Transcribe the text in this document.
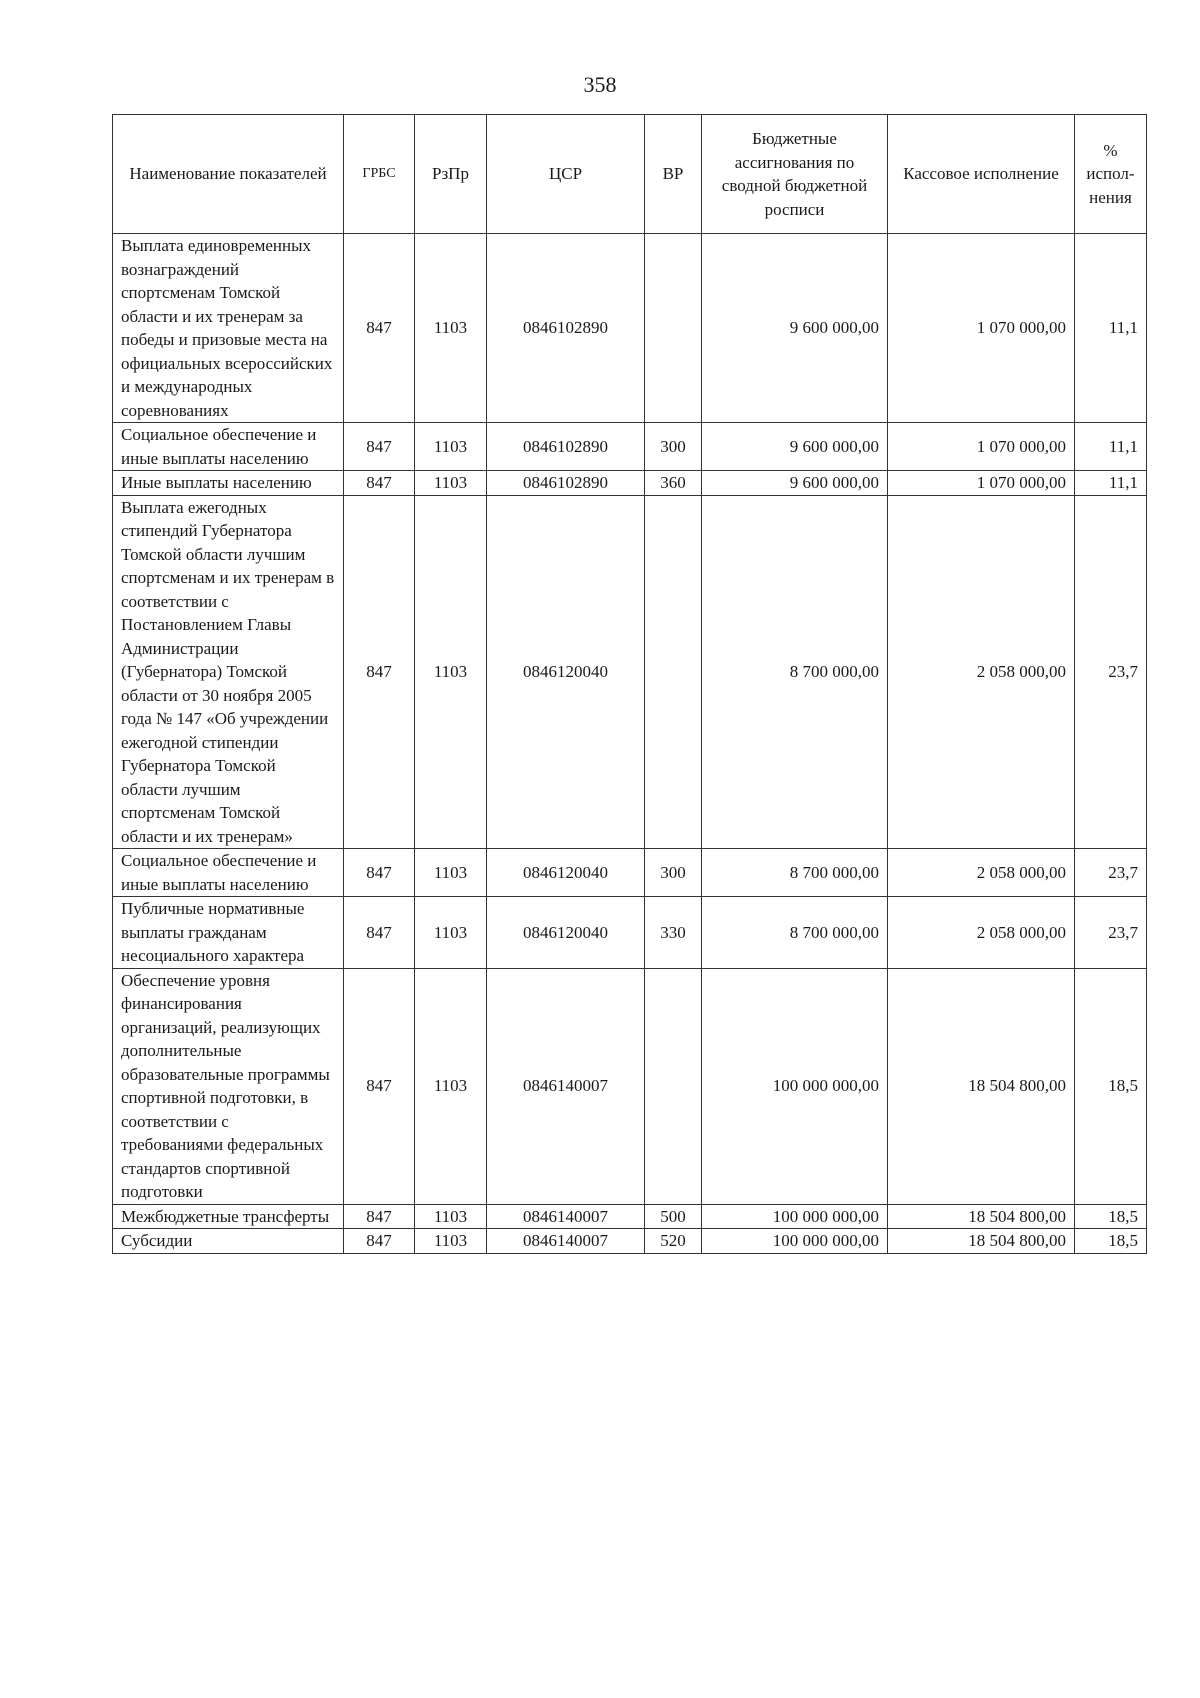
358
Наименование показателей	ГРБС	РзПр	ЦСР	ВР	Бюджетные ассигнования по сводной бюджетной росписи	Кассовое исполнение	% испол-нения
Выплата единовременных вознаграждений спортсменам Томской области и их тренерам за победы и призовые места на официальных всероссийских и международных соревнованиях	847	1103	0846102890		9 600 000,00	1 070 000,00	11,1
Социальное обеспечение и иные выплаты населению	847	1103	0846102890	300	9 600 000,00	1 070 000,00	11,1
Иные выплаты населению	847	1103	0846102890	360	9 600 000,00	1 070 000,00	11,1
Выплата ежегодных стипендий Губернатора Томской области лучшим спортсменам и их тренерам в соответствии с Постановлением Главы Администрации (Губернатора) Томской области от 30 ноября 2005 года № 147 «Об учреждении ежегодной стипендии Губернатора Томской области лучшим спортсменам Томской области и их тренерам»	847	1103	0846120040		8 700 000,00	2 058 000,00	23,7
Социальное обеспечение и иные выплаты населению	847	1103	0846120040	300	8 700 000,00	2 058 000,00	23,7
Публичные нормативные выплаты гражданам несоциального характера	847	1103	0846120040	330	8 700 000,00	2 058 000,00	23,7
Обеспечение уровня финансирования организаций, реализующих дополнительные образовательные программы спортивной подготовки, в соответствии с требованиями федеральных стандартов спортивной подготовки	847	1103	0846140007		100 000 000,00	18 504 800,00	18,5
Межбюджетные трансферты	847	1103	0846140007	500	100 000 000,00	18 504 800,00	18,5
Субсидии	847	1103	0846140007	520	100 000 000,00	18 504 800,00	18,5
